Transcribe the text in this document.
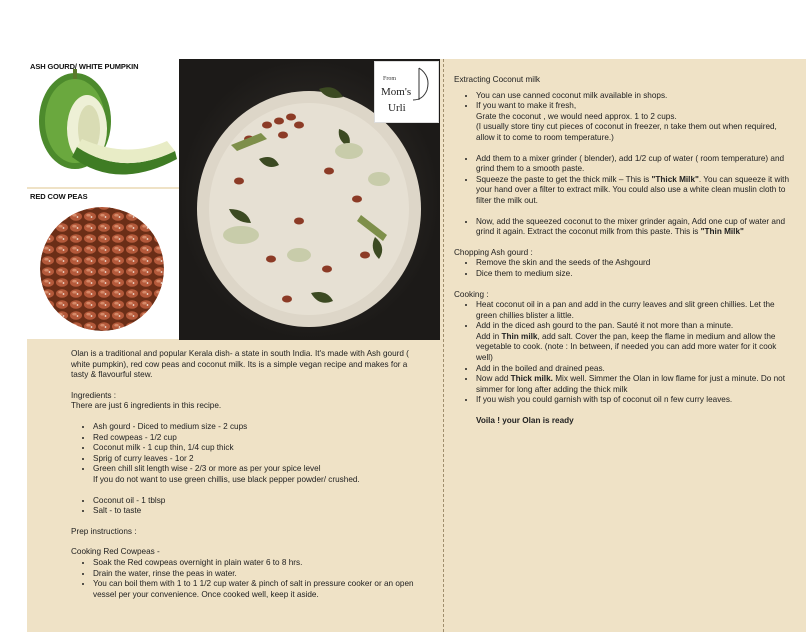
ASH GOURD/ WHITE PUMPKIN
RED COW PEAS
From
Mom's
Urli

Olan is a traditional and popular Kerala dish- a state in south India. It's made with Ash gourd ( white pumpkin), red cow peas and coconut milk. Its is a simple vegan recipe and makes for a tasty & flavourful stew.

Ingredients :

There are just 6 ingredients in this recipe.

• Ash gourd - Diced to medium size - 2 cups
• Red cowpeas - 1/2 cup
• Coconut milk - 1 cup thin, 1/4 cup thick
• Sprig of curry leaves - 1or 2
• Green chill slit length wise - 2/3 or more as per your spice level
If you do not want to use green chillis, use black pepper powder/ crushed.
• Coconut oil - 1 tblsp
• Salt - to taste

Prep instructions :

Cooking Red Cowpeas -

• Soak the Red cowpeas overnight in plain water 6 to 8 hrs.
• Drain the water, rinse the peas in water.
• You can boil them with 1 to 1 1/2 cup water & pinch of salt in pressure cooker or an open vessel per your convenience. Once cooked well, keep it aside.

Extracting Coconut milk

• You can use canned coconut milk available in shops.
• If you want to make it fresh,
Grate the coconut , we would need approx. 1 to 2 cups.
(I usually store tiny cut pieces of coconut in freezer, n take them out when required, allow it to come to room temperature.)
• Add them to a mixer grinder ( blender), add 1/2 cup of water ( room temperature) and grind them to a smooth paste.
• Squeeze the paste to get the thick milk – This is "Thick Milk". You can squeeze it with your hand over a filter to extract milk. You could also use a white clean muslin cloth to filter the milk out.
• Now, add the squeezed coconut to the mixer grinder again, Add one cup of water and grind it again. Extract the coconut milk from this paste. This is "Thin Milk"

Chopping Ash gourd :

• Remove the skin and the seeds of the Ashgourd
• Dice them to medium size.

Cooking :

• Heat coconut oil in a pan and add in the curry leaves and slit green chillies. Let the green chillies blister a little.
• Add in the diced ash gourd to the pan. Sauté it not more than a minute.
Add in Thin milk, add salt. Cover the pan, keep the flame in medium and allow the vegetable to cook. (note : In between, if needed you can add more water for it cook well)
• Add in the boiled and drained peas.
• Now add Thick milk. Mix well. Simmer the Olan in low flame for just a minute. Do not simmer for long after adding the thick milk
• If you wish you could garnish with tsp of coconut oil n few curry leaves.

Voila ! your Olan is ready
